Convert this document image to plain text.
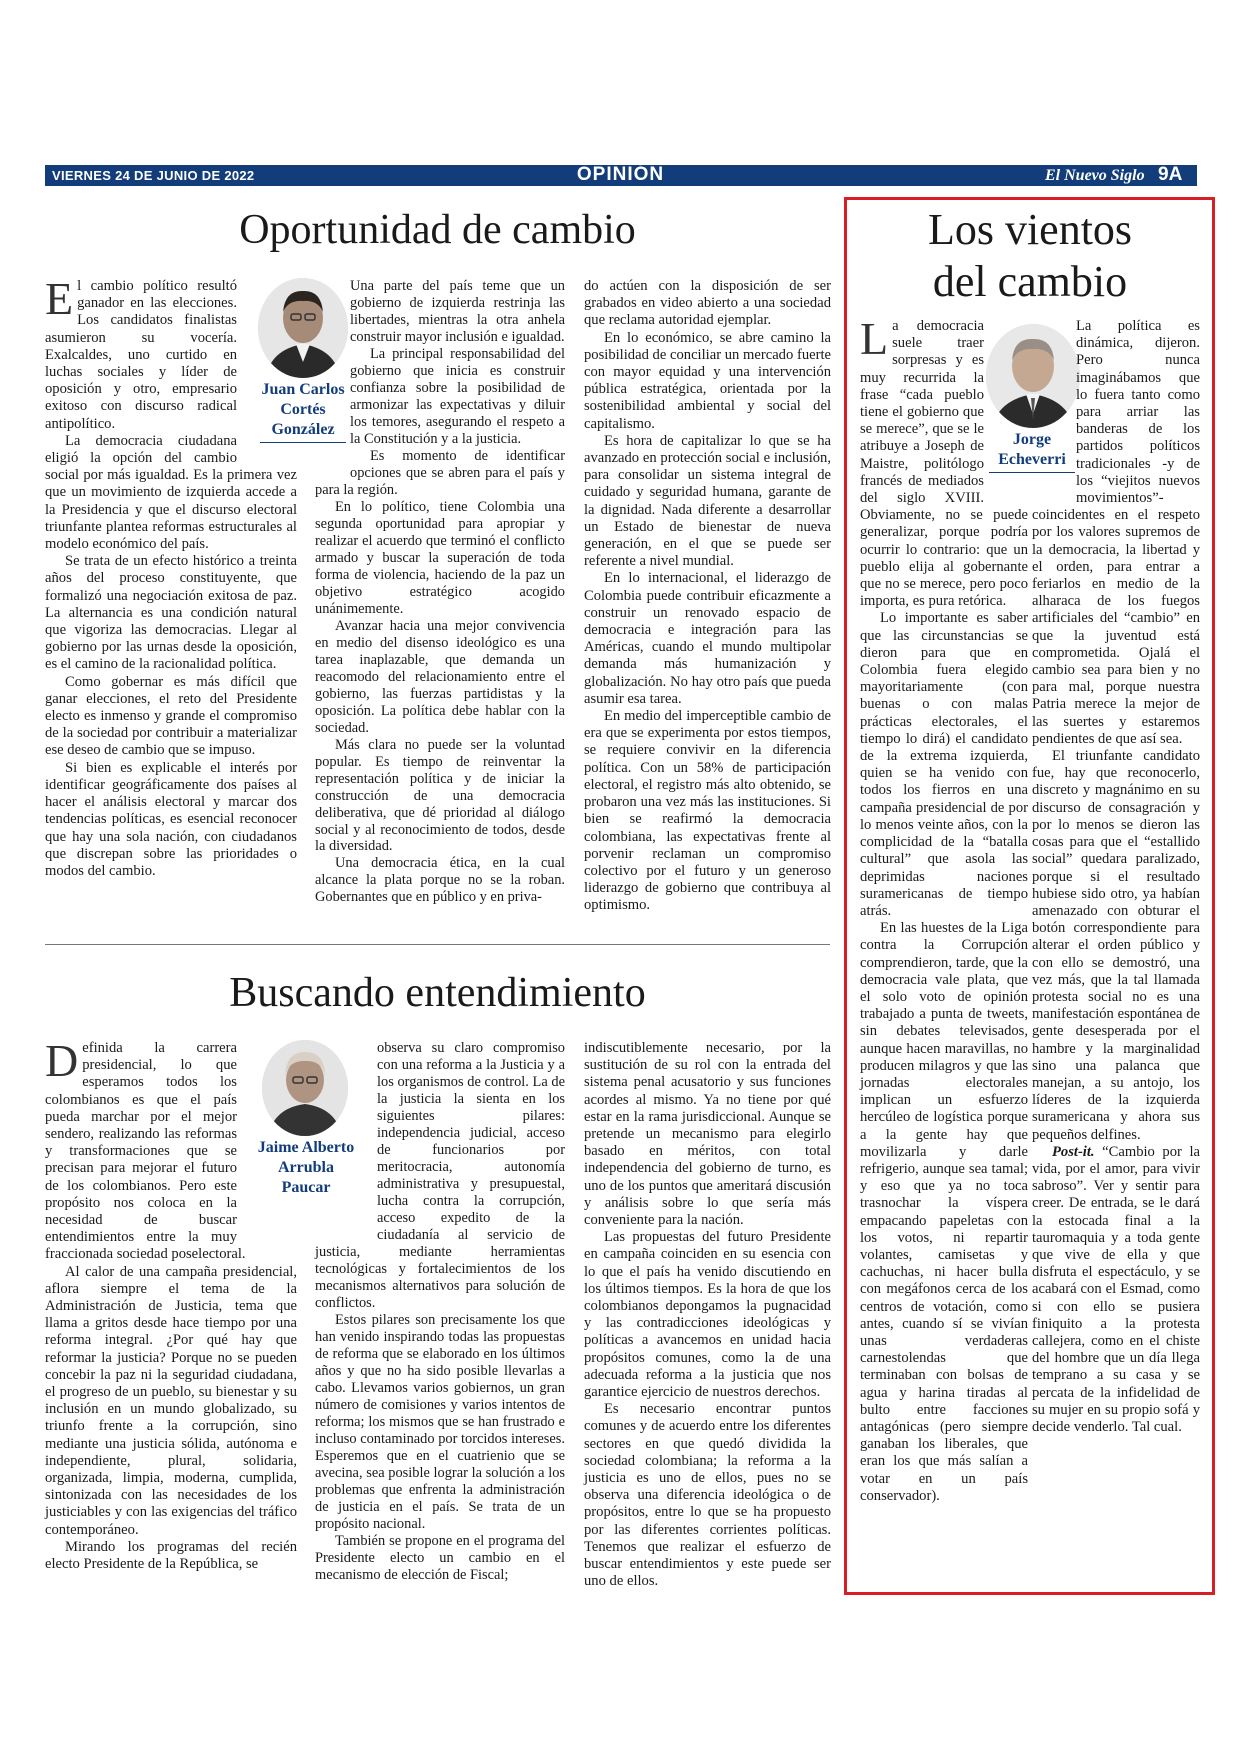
VIERNES 24 DE JUNIO DE 2022	OPINIÓN	El Nuevo Siglo 9A
Oportunidad de cambio
Juan Carlos
Cortés
González
E l cambio político resultó ganador en las elecciones. Los candidatos finalistas asumieron su vocería. Exalcaldes, uno curtido en luchas sociales y líder de oposición y otro, empresario exitoso con discurso radical antipolítico.

La democracia ciudadana eligió la opción del cambio social por más igualdad. Es la primera vez que un movimiento de izquierda accede a la Presidencia y que el discurso electoral triunfante plantea reformas estructurales al modelo económico del país.

Se trata de un efecto histórico a treinta años del proceso constituyente, que formalizó una negociación exitosa de paz. La alternancia es una condición natural que vigoriza las democracias. Llegar al gobierno por las urnas desde la oposición, es el camino de la racionalidad política.

Como gobernar es más difícil que ganar elecciones, el reto del Presidente electo es inmenso y grande el compromiso de la sociedad por contribuir a materializar ese deseo de cambio que se impuso.

Si bien es explicable el interés por identificar geográficamente dos países al hacer el análisis electoral y marcar dos tendencias políticas, es esencial reconocer que hay una sola nación, con ciudadanos que discrepan sobre las prioridades o modos del cambio.

Una parte del país teme que un gobierno de izquierda restrinja las libertades, mientras la otra anhela construir mayor inclusión e igualdad.

La principal responsabilidad del gobierno que inicia es construir confianza sobre la posibilidad de armonizar las expectativas y diluir los temores, asegurando el respeto a la Constitución y a la justicia.

Es momento de identificar opciones que se abren para el país y para la región.

En lo político, tiene Colombia una segunda oportunidad para apropiar y realizar el acuerdo que terminó el conflicto armado y buscar la superación de toda forma de violencia, haciendo de la paz un objetivo estratégico acogido unánimemente.

Avanzar hacia una mejor convivencia en medio del disenso ideológico es una tarea inaplazable, que demanda un reacomodo del relacionamiento entre el gobierno, las fuerzas partidistas y la oposición. La política debe hablar con la sociedad.

Más clara no puede ser la voluntad popular. Es tiempo de reinventar la representación política y de iniciar la construcción de una democracia deliberativa, que dé prioridad al diálogo social y al reconocimiento de todos, desde la diversidad.

Una democracia ética, en la cual alcance la plata porque no se la roban. Gobernantes que en público y en priva-

do actúen con la disposición de ser grabados en video abierto a una sociedad que reclama autoridad ejemplar.

En lo económico, se abre camino la posibilidad de conciliar un mercado fuerte con mayor equidad y una intervención pública estratégica, orientada por la sostenibilidad ambiental y social del capitalismo.

Es hora de capitalizar lo que se ha avanzado en protección social e inclusión, para consolidar un sistema integral de cuidado y seguridad humana, garante de la dignidad. Nada diferente a desarrollar un Estado de bienestar de nueva generación, en el que se puede ser referente a nivel mundial.

En lo internacional, el liderazgo de Colombia puede contribuir eficazmente a construir un renovado espacio de democracia e integración para las Américas, cuando el mundo multipolar demanda más humanización y globalización. No hay otro país que pueda asumir esa tarea.

En medio del imperceptible cambio de era que se experimenta por estos tiempos, se requiere convivir en la diferencia política. Con un 58% de participación electoral, el registro más alto obtenido, se probaron una vez más las instituciones. Si bien se reafirmó la democracia colombiana, las expectativas frente al porvenir reclaman un compromiso colectivo por el futuro y un generoso liderazgo de gobierno que contribuya al optimismo.

Buscando entendimiento
Jaime Alberto
Arrubla
Paucar
D efinida la carrera presidencial, lo que esperamos todos los colombianos es que el país pueda marchar por el mejor sendero, realizando las reformas y transformaciones que se precisan para mejorar el futuro de los colombianos. Pero este propósito nos coloca en la necesidad de buscar entendimientos entre la muy fraccionada sociedad poselectoral.

Al calor de una campaña presidencial, aflora siempre el tema de la Administración de Justicia, tema que llama a gritos desde hace tiempo por una reforma integral. ¿Por qué hay que reformar la justicia? Porque no se pueden concebir la paz ni la seguridad ciudadana, el progreso de un pueblo, su bienestar y su inclusión en un mundo globalizado, su triunfo frente a la corrupción, sino mediante una justicia sólida, autónoma e independiente, plural, solidaria, organizada, limpia, moderna, cumplida, sintonizada con las necesidades de los justiciables y con las exigencias del tráfico contemporáneo.

Mirando los programas del recién electo Presidente de la República, se

observa su claro compromiso con una reforma a la Justicia y a los organismos de control. La de la justicia la sienta en los siguientes pilares: independencia judicial, acceso de funcionarios por meritocracia, autonomía administrativa y presupuestal, lucha contra la corrupción, acceso expedito de la ciudadanía al servicio de justicia, mediante herramientas tecnológicas y fortalecimientos de los mecanismos alternativos para solución de conflictos.

Estos pilares son precisamente los que han venido inspirando todas las propuestas de reforma que se elaborado en los últimos años y que no ha sido posible llevarlas a cabo. Llevamos varios gobiernos, un gran número de comisiones y varios intentos de reforma; los mismos que se han frustrado e incluso contaminado por torcidos intereses. Esperemos que en el cuatrienio que se avecina, sea posible lograr la solución a los problemas que enfrenta la administración de justicia en el país. Se trata de un propósito nacional.

También se propone en el programa del Presidente electo un cambio en el mecanismo de elección de Fiscal;

indiscutiblemente necesario, por la sustitución de su rol con la entrada del sistema penal acusatorio y sus funciones acordes al mismo. Ya no tiene por qué estar en la rama jurisdiccional. Aunque se pretende un mecanismo para elegirlo basado en méritos, con total independencia del gobierno de turno, es uno de los puntos que ameritará discusión y análisis sobre lo que sería más conveniente para la nación.

Las propuestas del futuro Presidente en campaña coinciden en su esencia con lo que el país ha venido discutiendo en los últimos tiempos. Es la hora de que los colombianos depongamos la pugnacidad y las contradicciones ideológicas y políticas a avancemos en unidad hacia propósitos comunes, como la de una adecuada reforma a la justicia que nos garantice ejercicio de nuestros derechos.

Es necesario encontrar puntos comunes y de acuerdo entre los diferentes sectores en que quedó dividida la sociedad colombiana; la reforma a la justicia es uno de ellos, pues no se observa una diferencia ideológica o de propósitos, entre lo que se ha propuesto por las diferentes corrientes políticas. Tenemos que realizar el esfuerzo de buscar entendimientos y este puede ser uno de ellos.

Los vientos
del cambio
Jorge
Echeverri
L a democracia suele traer sorpresas y es muy recurrida la frase “cada pueblo tiene el gobierno que se merece”, que se le atribuye a Joseph de Maistre, politólogo francés de mediados del siglo XVIII. Obviamente, no se puede generalizar, porque podría ocurrir lo contrario: que un pueblo elija al gobernante que no se merece, pero poco importa, es pura retórica.

Lo importante es saber que las circunstancias se dieron para que en Colombia fuera elegido mayoritariamente (con buenas o con malas prácticas electorales, el tiempo lo dirá) el candidato de la extrema izquierda, quien se ha venido con todos los fierros en una campaña presidencial de por lo menos veinte años, con la complicidad de la “batalla cultural” que asola las deprimidas naciones suramericanas de tiempo atrás.

En las huestes de la Liga contra la Corrupción comprendieron, tarde, que la democracia vale plata, que el solo voto de opinión trabajado a punta de tweets, sin debates televisados, aunque hacen maravillas, no producen milagros y que las jornadas electorales implican un esfuerzo hercúleo de logística porque a la gente hay que movilizarla y darle refrigerio, aunque sea tamal; y eso que ya no toca trasnochar la víspera empacando papeletas con los votos, ni repartir volantes, camisetas y cachuchas, ni hacer bulla con megáfonos cerca de los centros de votación, como antes, cuando sí se vivían unas verdaderas carnestolendas que terminaban con bolsas de agua y harina tiradas al bulto entre facciones antagónicas (pero siempre ganaban los liberales, que eran los que más salían a votar en un país conservador).

La política es dinámica, dijeron. Pero nunca imaginábamos que lo fuera tanto como para arriar las banderas de los partidos políticos tradicionales -y de los “viejitos nuevos movimientos”- coincidentes en el respeto por los valores supremos de la democracia, la libertad y el orden, para entrar a feriarlos en medio de la alharaca de los fuegos artificiales del “cambio” en que la juventud está comprometida. Ojalá el cambio sea para bien y no para mal, porque nuestra Patria merece la mejor de las suertes y estaremos pendientes de que así sea.

El triunfante candidato fue, hay que reconocerlo, discreto y magnánimo en su discurso de consagración y por lo menos se dieron las cosas para que el “estallido social” quedara paralizado, porque si el resultado hubiese sido otro, ya habían amenazado con obturar el botón correspondiente para alterar el orden público y con ello se demostró, una vez más, que la tal llamada protesta social no es una manifestación espontánea de gente desesperada por el hambre y la marginalidad sino una palanca que manejan, a su antojo, los líderes de la izquierda suramericana y ahora sus pequeños delfines.

Post-it. “Cambio por la vida, por el amor, para vivir sabroso”. Ver y sentir para creer. De entrada, se le dará la estocada final a la tauromaquia y a toda gente que vive de ella y que disfruta el espectáculo, y se acabará con el Esmad, como si con ello se pusiera finiquito a la protesta callejera, como en el chiste del hombre que un día llega temprano a su casa y se percata de la infidelidad de su mujer en su propio sofá y decide venderlo. Tal cual.
